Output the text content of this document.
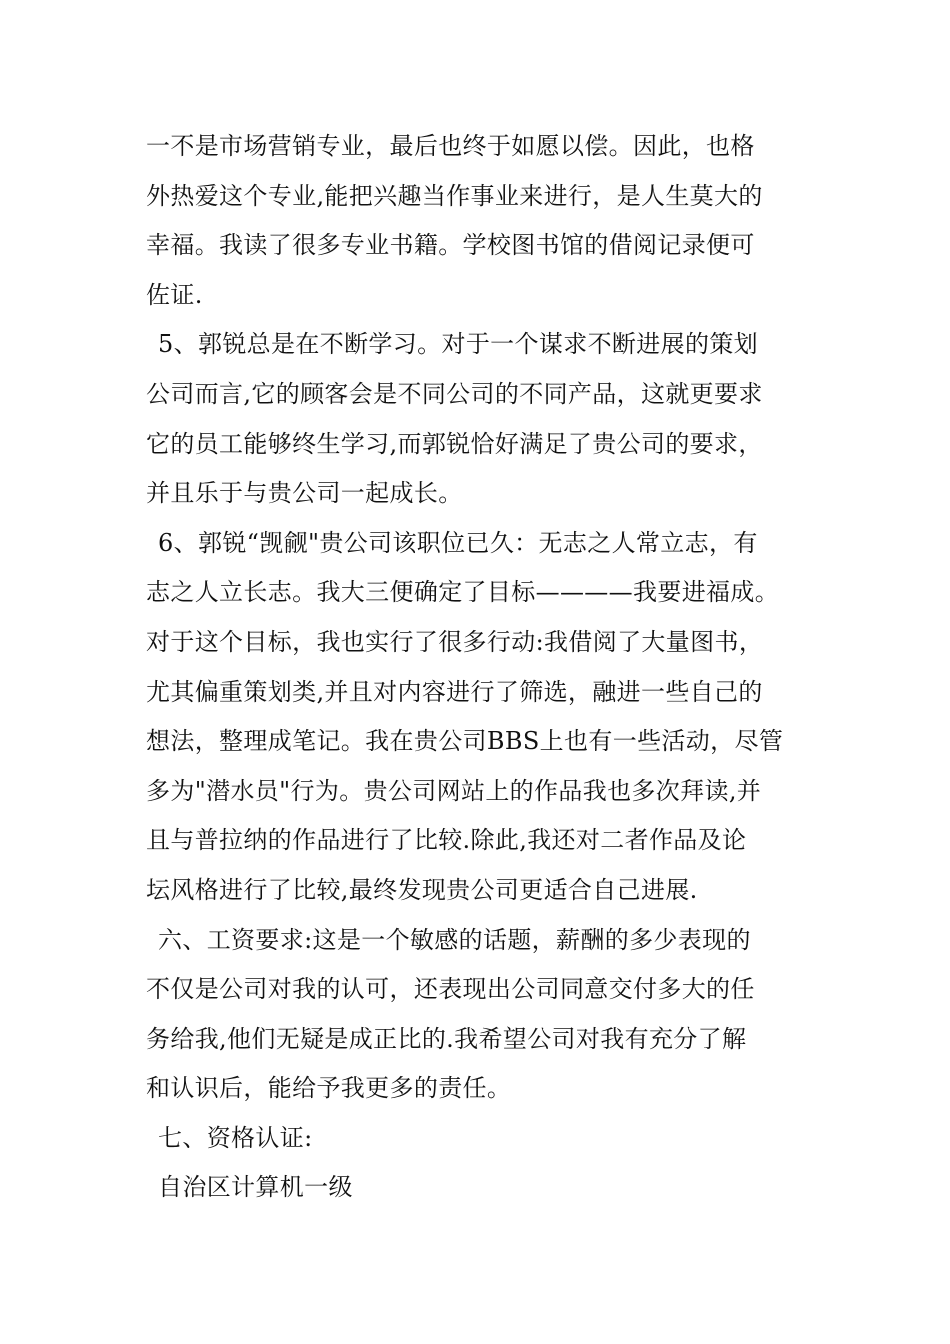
一不是市场营销专业，最后也终于如愿以偿。因此，也格
外热爱这个专业,能把兴趣当作事业来进行，是人生莫大的
幸福。我读了很多专业书籍。学校图书馆的借阅记录便可
佐证.
5、郭锐总是在不断学习。对于一个谋求不断进展的策划
公司而言,它的顾客会是不同公司的不同产品，这就更要求
它的员工能够终生学习,而郭锐恰好满足了贵公司的要求，
并且乐于与贵公司一起成长。
6、郭锐“觊觎"贵公司该职位已久：无志之人常立志，有
志之人立长志。我大三便确定了目标————我要进福成。
对于这个目标，我也实行了很多行动:我借阅了大量图书，
尤其偏重策划类,并且对内容进行了筛选，融进一些自己的
想法，整理成笔记。我在贵公司BBS上也有一些活动，尽管
多为"潜水员"行为。贵公司网站上的作品我也多次拜读,并
且与普拉纳的作品进行了比较.除此,我还对二者作品及论
坛风格进行了比较,最终发现贵公司更适合自己进展.
六、工资要求:这是一个敏感的话题，薪酬的多少表现的
不仅是公司对我的认可，还表现出公司同意交付多大的任
务给我,他们无疑是成正比的.我希望公司对我有充分了解
和认识后，能给予我更多的责任。
七、资格认证:
自治区计算机一级
